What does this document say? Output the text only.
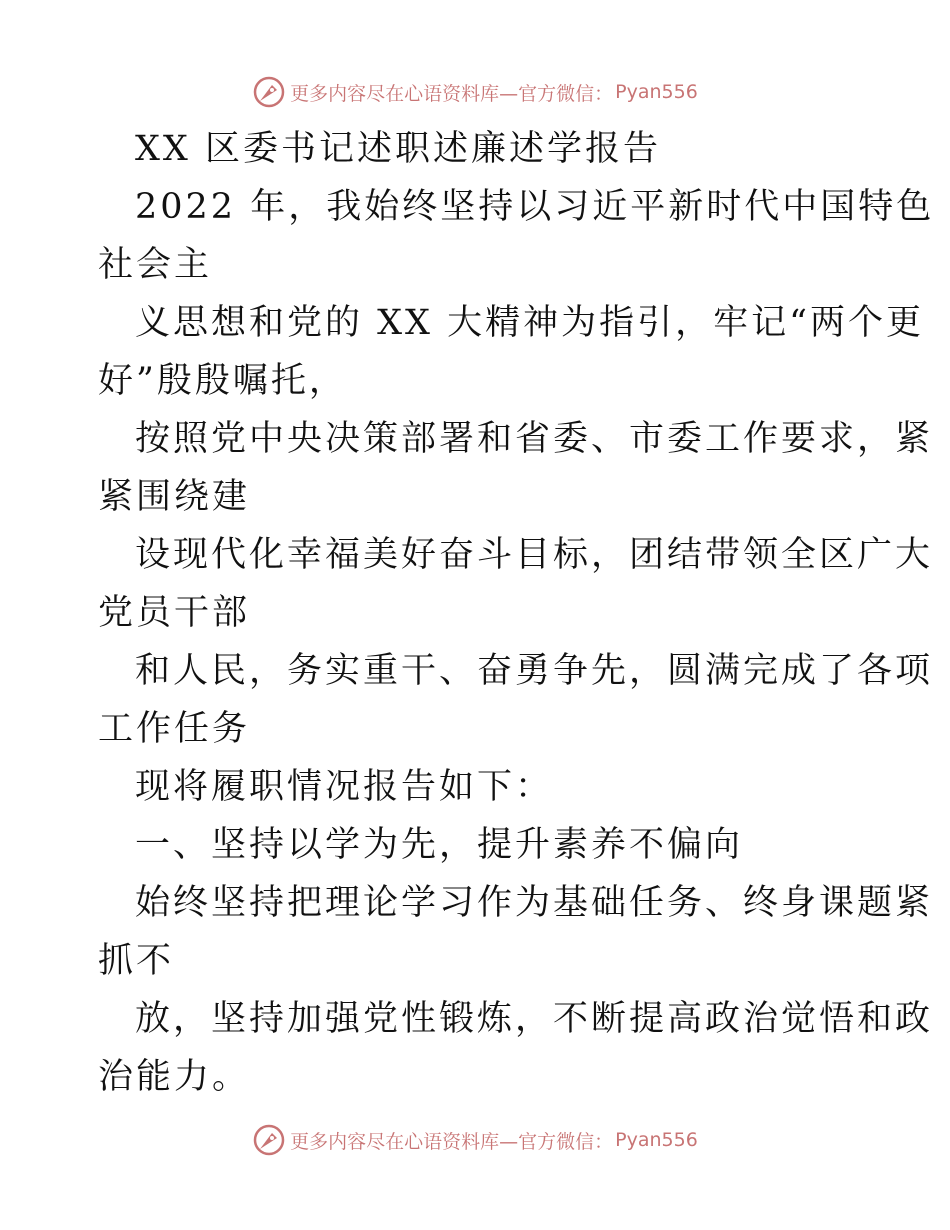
更多内容尽在心语资料库—官方微信： Pyan556

XX 区委书记述职述廉述学报告

2022 年，我始终坚持以习近平新时代中国特色
社会主

义思想和党的 XX 大精神为指引，牢记“两个更
好”殷殷嘱托，

按照党中央决策部署和省委、市委工作要求，紧
紧围绕建

设现代化幸福美好奋斗目标，团结带领全区广大
党员干部

和人民，务实重干、奋勇争先，圆满完成了各项
工作任务

现将履职情况报告如下：

一、坚持以学为先，提升素养不偏向

始终坚持把理论学习作为基础任务、终身课题紧
抓不

放，坚持加强党性锻炼，不断提高政治觉悟和政
治能力。

更多内容尽在心语资料库—官方微信： Pyan556
